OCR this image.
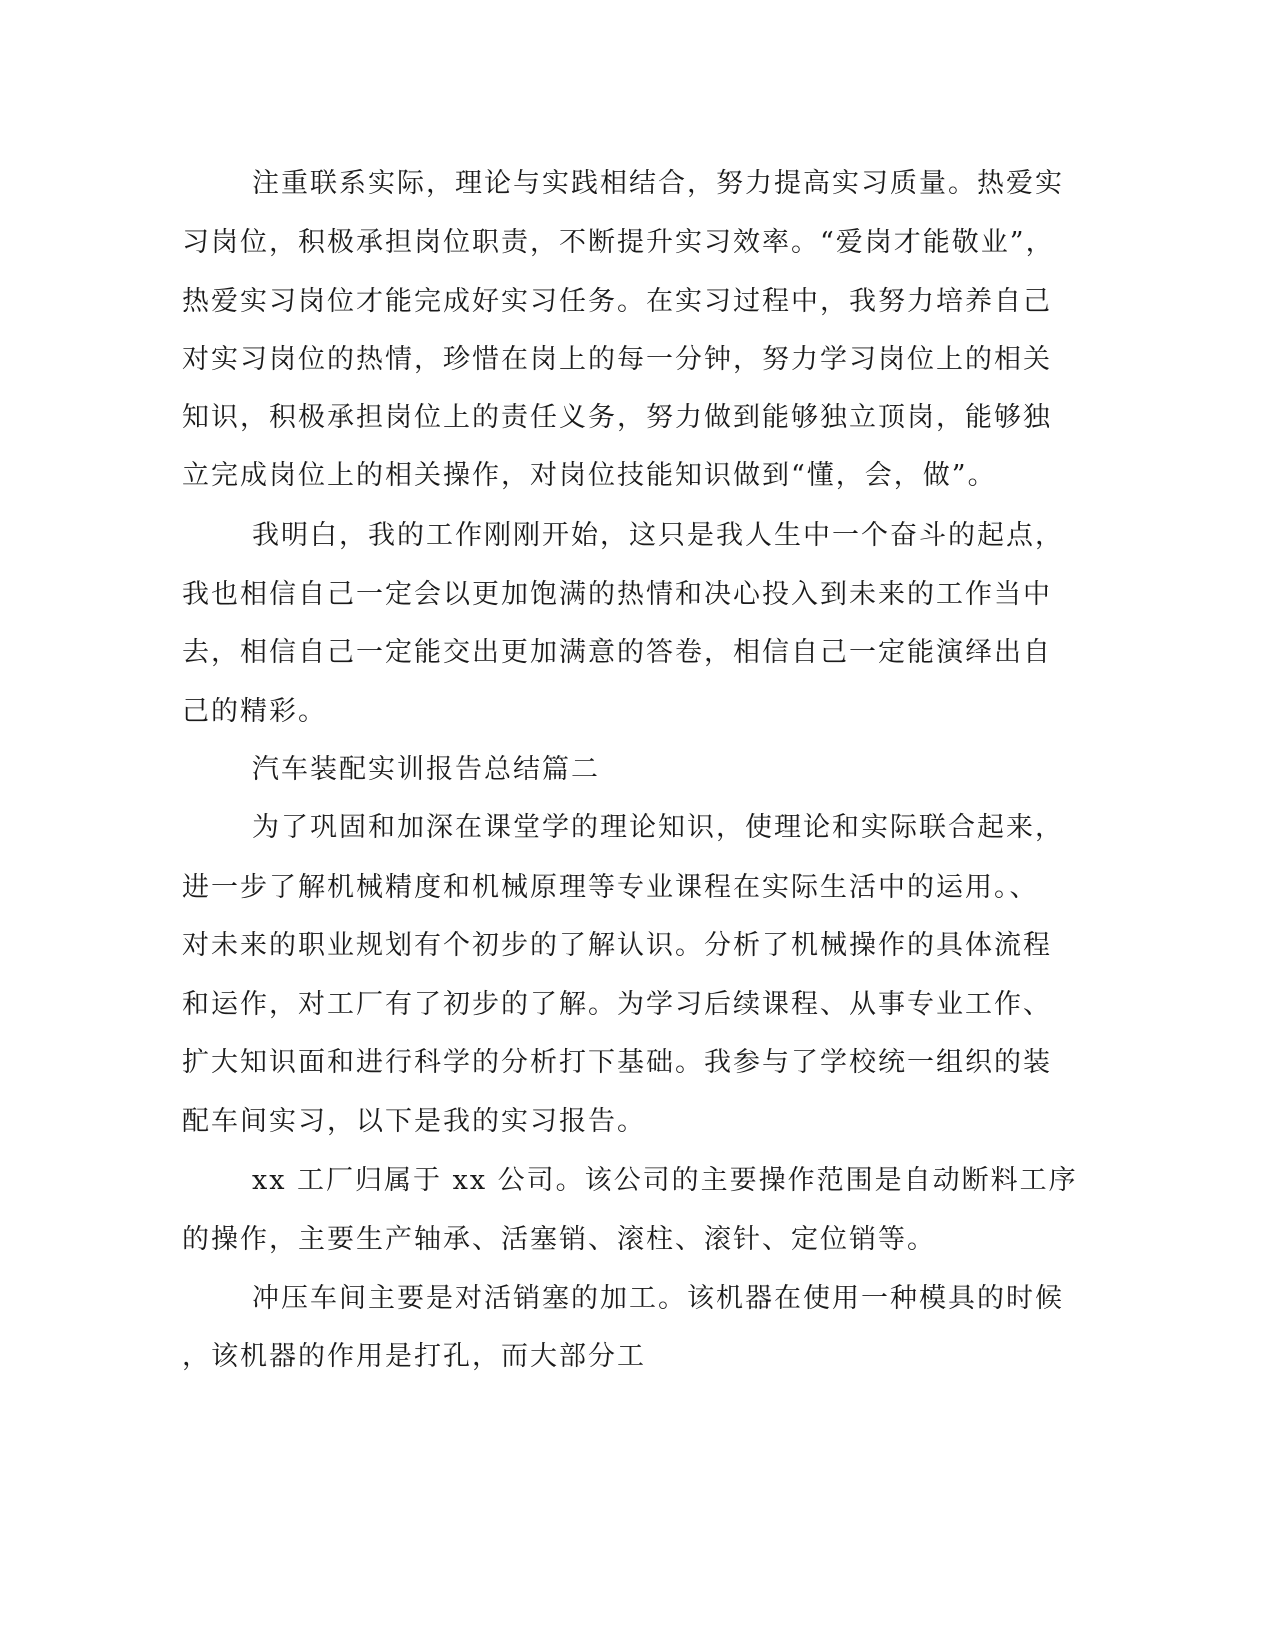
注重联系实际，理论与实践相结合，努力提高实习质量。热爱实
习岗位，积极承担岗位职责，不断提升实习效率。“爱岗才能敬业”，
热爱实习岗位才能完成好实习任务。在实习过程中，我努力培养自己
对实习岗位的热情，珍惜在岗上的每一分钟，努力学习岗位上的相关
知识，积极承担岗位上的责任义务，努力做到能够独立顶岗，能够独
立完成岗位上的相关操作，对岗位技能知识做到“懂，会，做”。
我明白，我的工作刚刚开始，这只是我人生中一个奋斗的起点，
我也相信自己一定会以更加饱满的热情和决心投入到未来的工作当中
去，相信自己一定能交出更加满意的答卷，相信自己一定能演绎出自
己的精彩。
汽车装配实训报告总结篇二
为了巩固和加深在课堂学的理论知识，使理论和实际联合起来，
进一步了解机械精度和机械原理等专业课程在实际生活中的运用。、
对未来的职业规划有个初步的了解认识。分析了机械操作的具体流程
和运作，对工厂有了初步的了解。为学习后续课程、从事专业工作、
扩大知识面和进行科学的分析打下基础。我参与了学校统一组织的装
配车间实习，以下是我的实习报告。
xx 工厂归属于 xx 公司。该公司的主要操作范围是自动断料工序
的操作，主要生产轴承、活塞销、滚柱、滚针、定位销等。
冲压车间主要是对活销塞的加工。该机器在使用一种模具的时候
，该机器的作用是打孔，而大部分工
